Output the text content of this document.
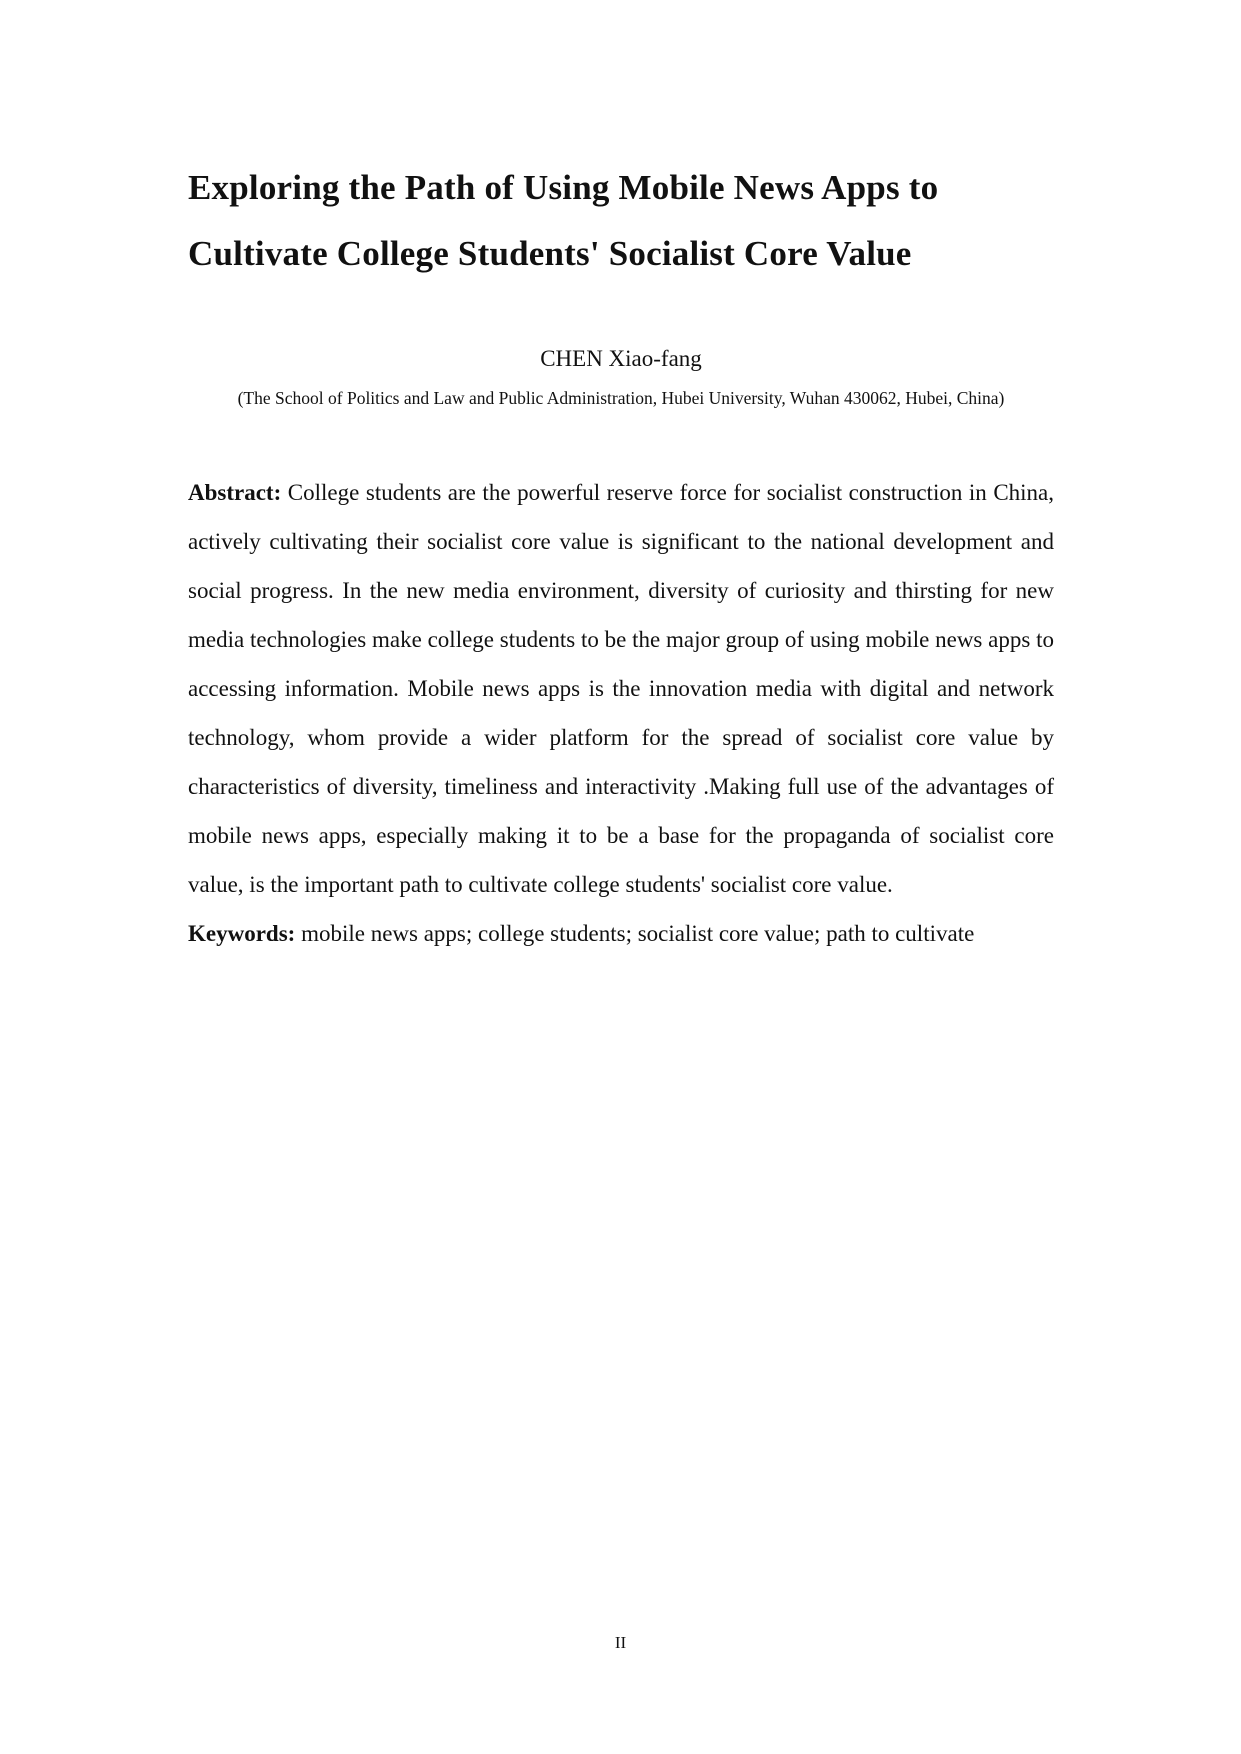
Exploring the Path of Using Mobile News Apps to
Cultivate College Students' Socialist Core Value

CHEN Xiao-fang

(The School of Politics and Law and Public Administration, Hubei University, Wuhan 430062, Hubei, China)

Abstract: College students are the powerful reserve force for socialist construction in China, actively cultivating their socialist core value is significant to the national development and social progress. In the new media environment, diversity of curiosity and thirsting for new media technologies make college students to be the major group of using mobile news apps to accessing information. Mobile news apps is the innovation media with digital and network technology, whom provide a wider platform for the spread of socialist core value by characteristics of diversity, timeliness and interactivity .Making full use of the advantages of mobile news apps, especially making it to be a base for the propaganda of socialist core value, is the important path to cultivate college students' socialist core value.

Keywords: mobile news apps; college students; socialist core value; path to cultivate

II
